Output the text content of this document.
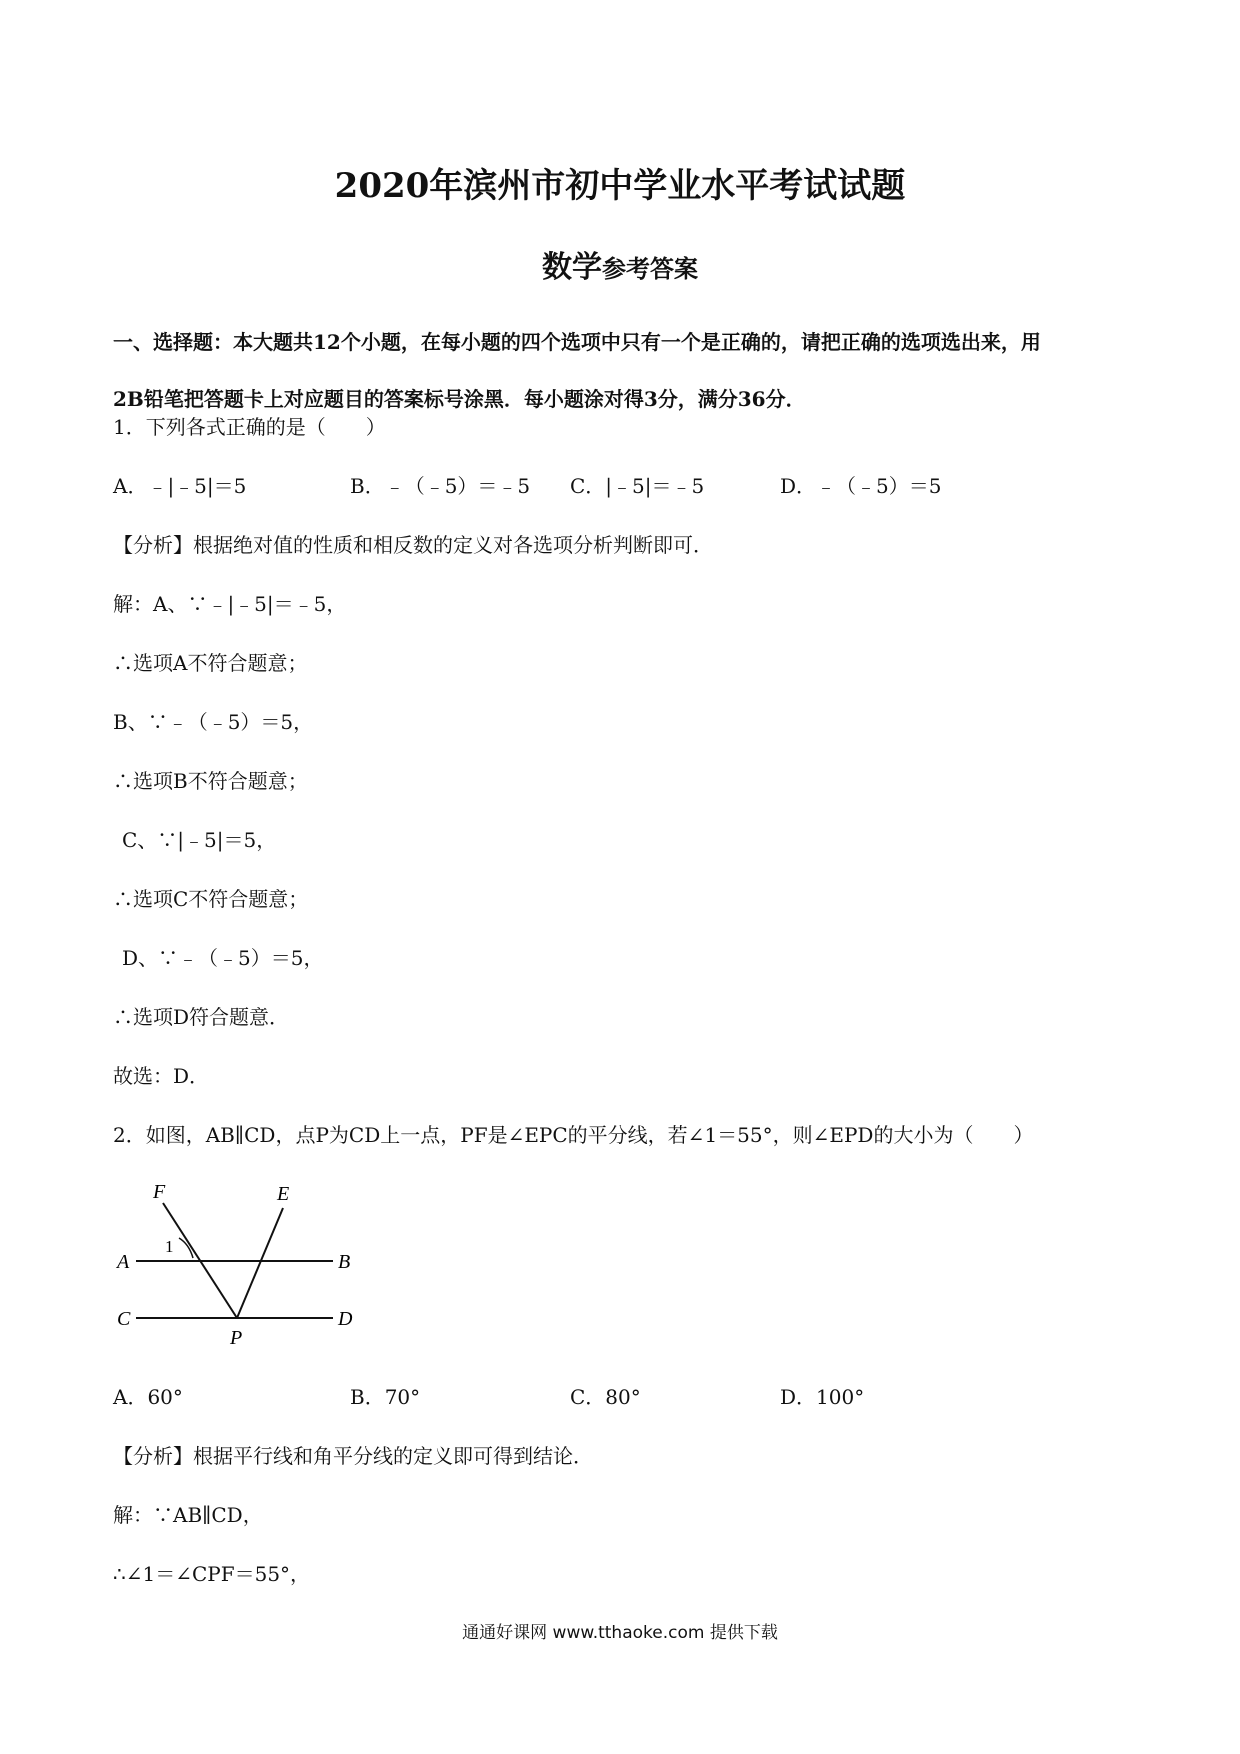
2020年滨州市初中学业水平考试试题
数学参考答案
一、选择题：本大题共12个小题，在每小题的四个选项中只有一个是正确的，请把正确的选项选出来，用
2B铅笔把答题卡上对应题目的答案标号涂黑．每小题涂对得3分，满分36分．
1．下列各式正确的是（　　）
A．﹣|﹣5|＝5	B．﹣（﹣5）＝﹣5 C．|﹣5|＝﹣5	D．﹣（﹣5）＝5
【分析】根据绝对值的性质和相反数的定义对各选项分析判断即可．
解：A、∵﹣|﹣5|＝﹣5，
∴选项A不符合题意；
B、∵﹣（﹣5）＝5，
∴选项B不符合题意；
C、∵|﹣5|＝5，
∴选项C不符合题意；
D、∵﹣（﹣5）＝5，
∴选项D符合题意．
故选：D．
2．如图，AB∥CD，点P为CD上一点，PF是∠EPC的平分线，若∠1＝55°，则∠EPD的大小为（　　）
F	E
A	B
C	D
P
1
A．60°	B．70°	C．80°	D．100°
【分析】根据平行线和角平分线的定义即可得到结论．
解：∵AB∥CD，
∴∠1＝∠CPF＝55°，
通通好课网 www.tthaoke.com 提供下载
